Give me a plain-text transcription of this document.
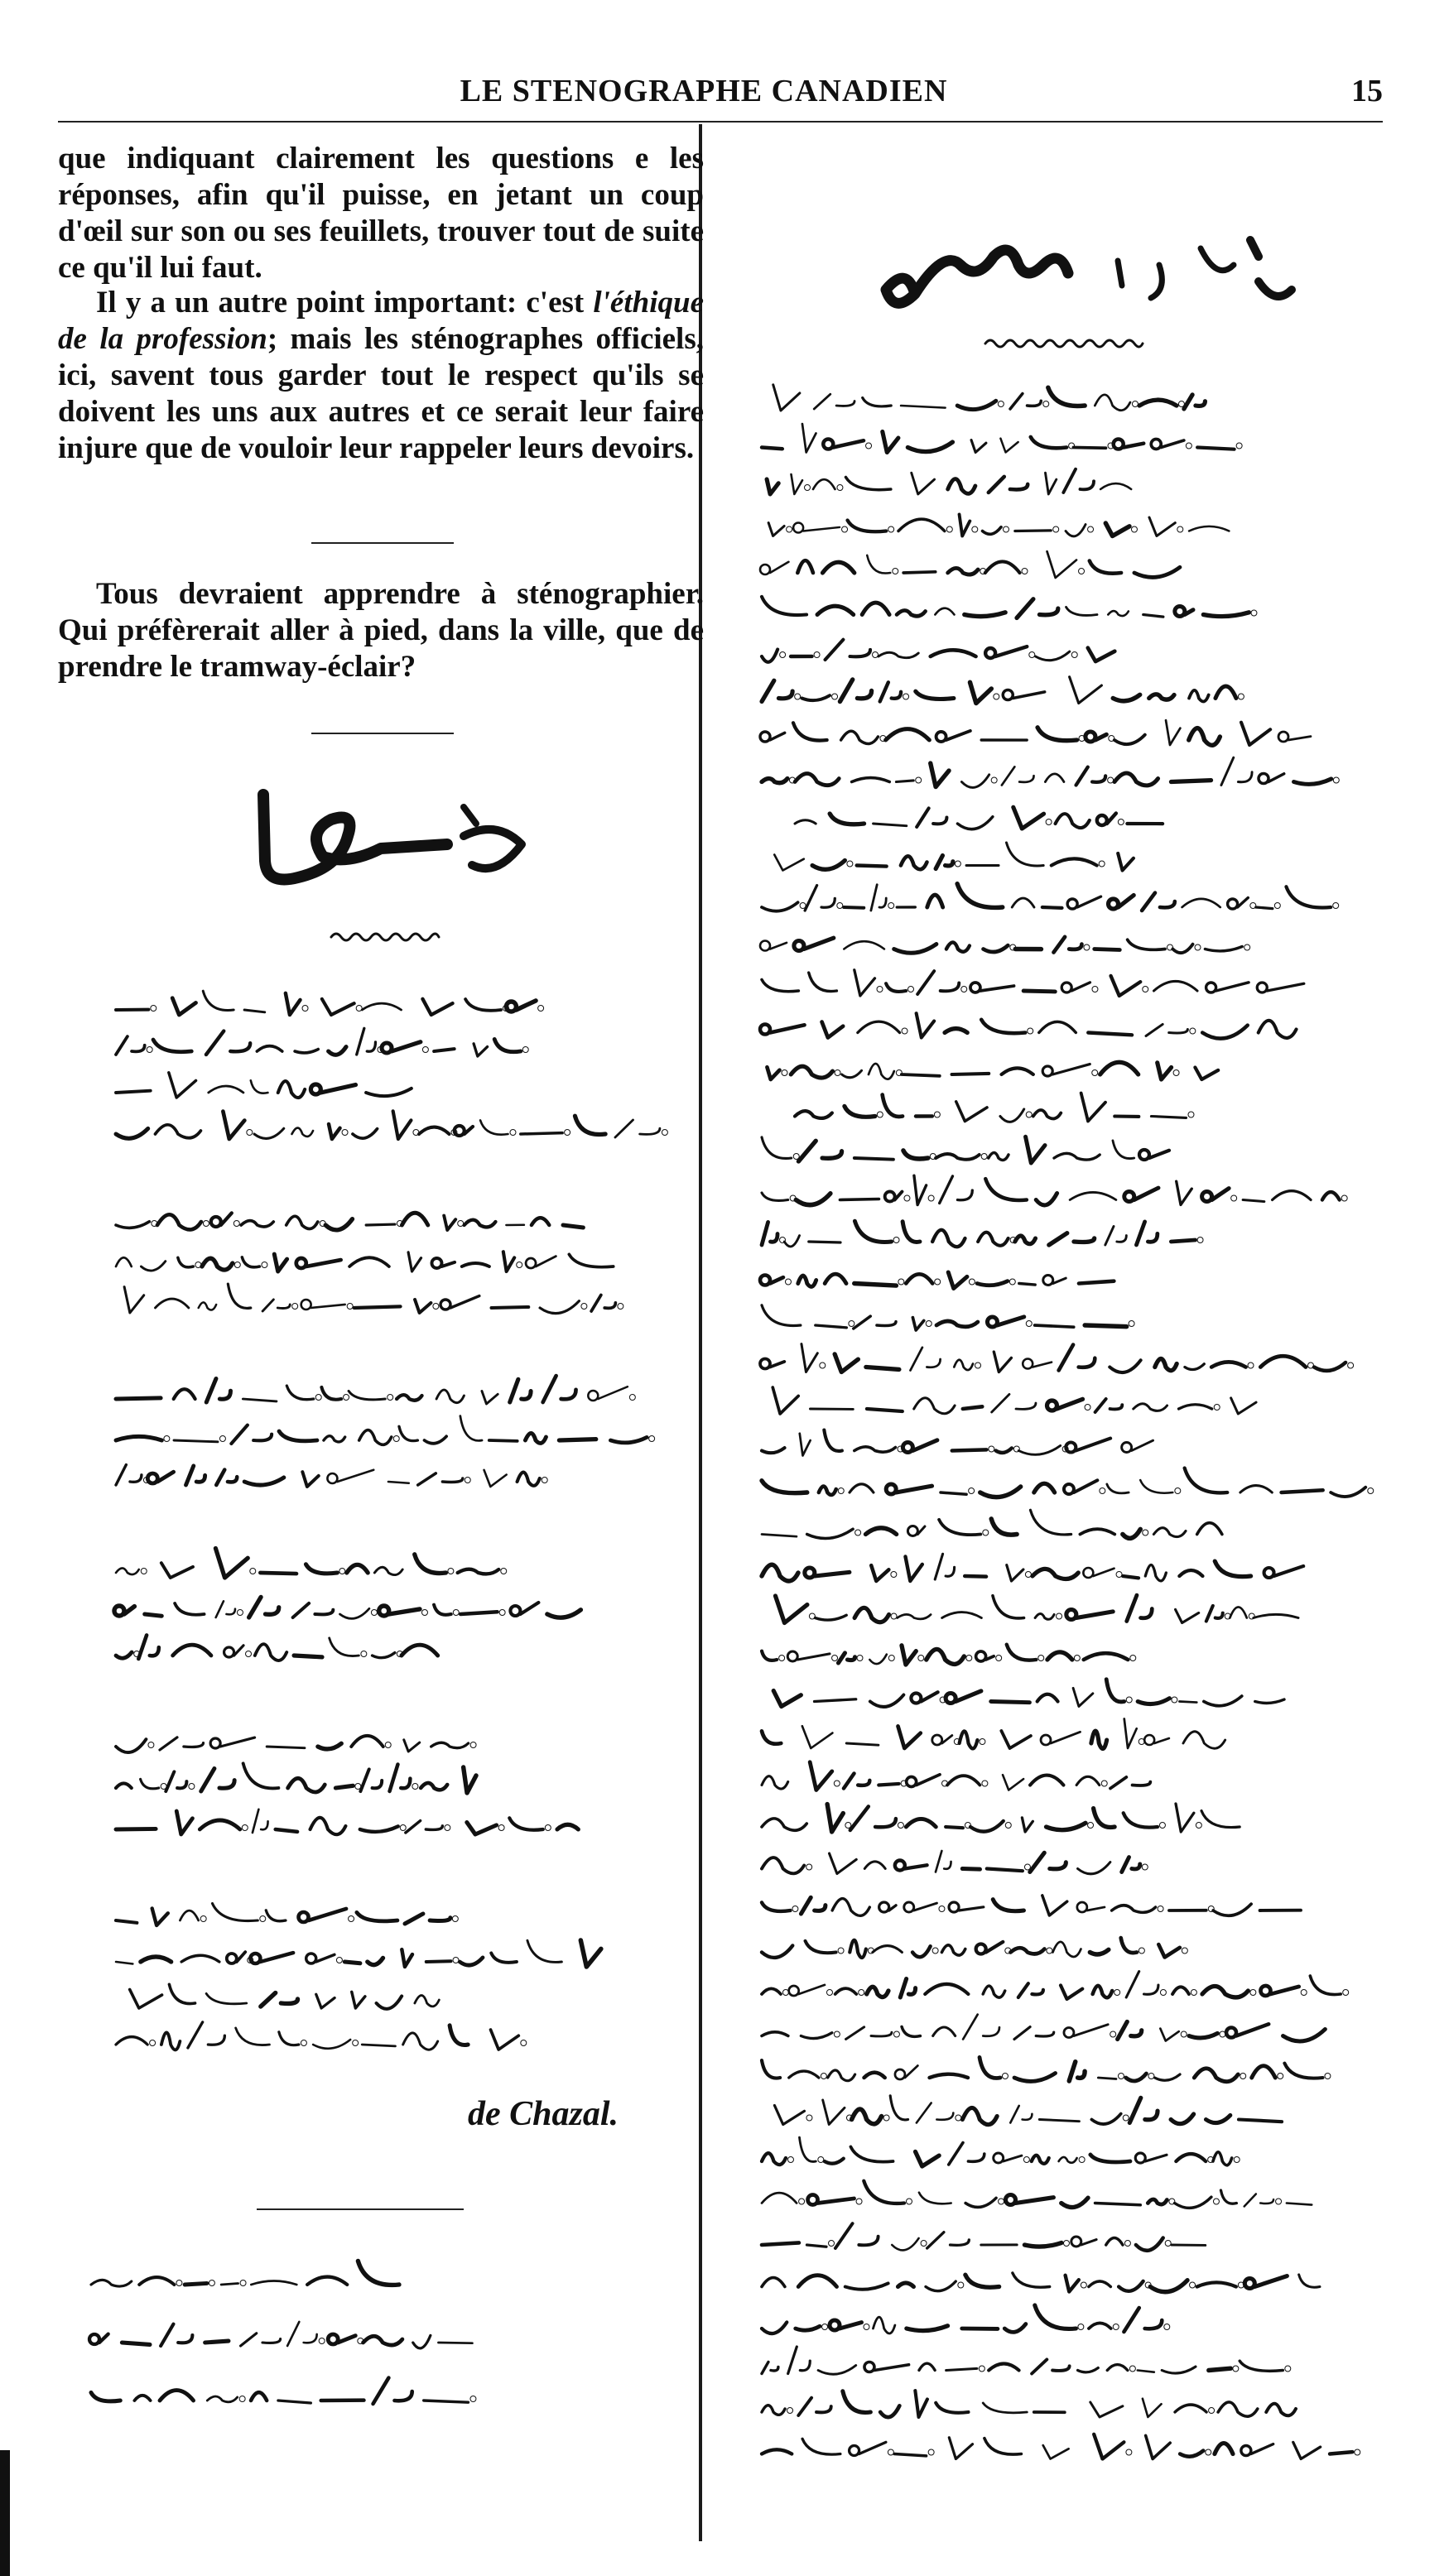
LE STENOGRAPHE CANADIEN	15
que indiquant clairement les questions e les réponses, afin qu'il puisse, en jetant un coup d'œil sur son ou ses feuillets, trouver tout de suite ce qu'il lui faut.
Il y a un autre point important: c'est l'éthique de la profession; mais les sténographes officiels, ici, savent tous garder tout le respect qu'ils se doivent les uns aux autres et ce serait leur faire injure que de vouloir leur rappeler leurs devoirs.
Tous devraient apprendre à sténographier. Qui préfèrerait aller à pied, dans la ville, que de prendre le tramway-éclair?
de Chazal.
